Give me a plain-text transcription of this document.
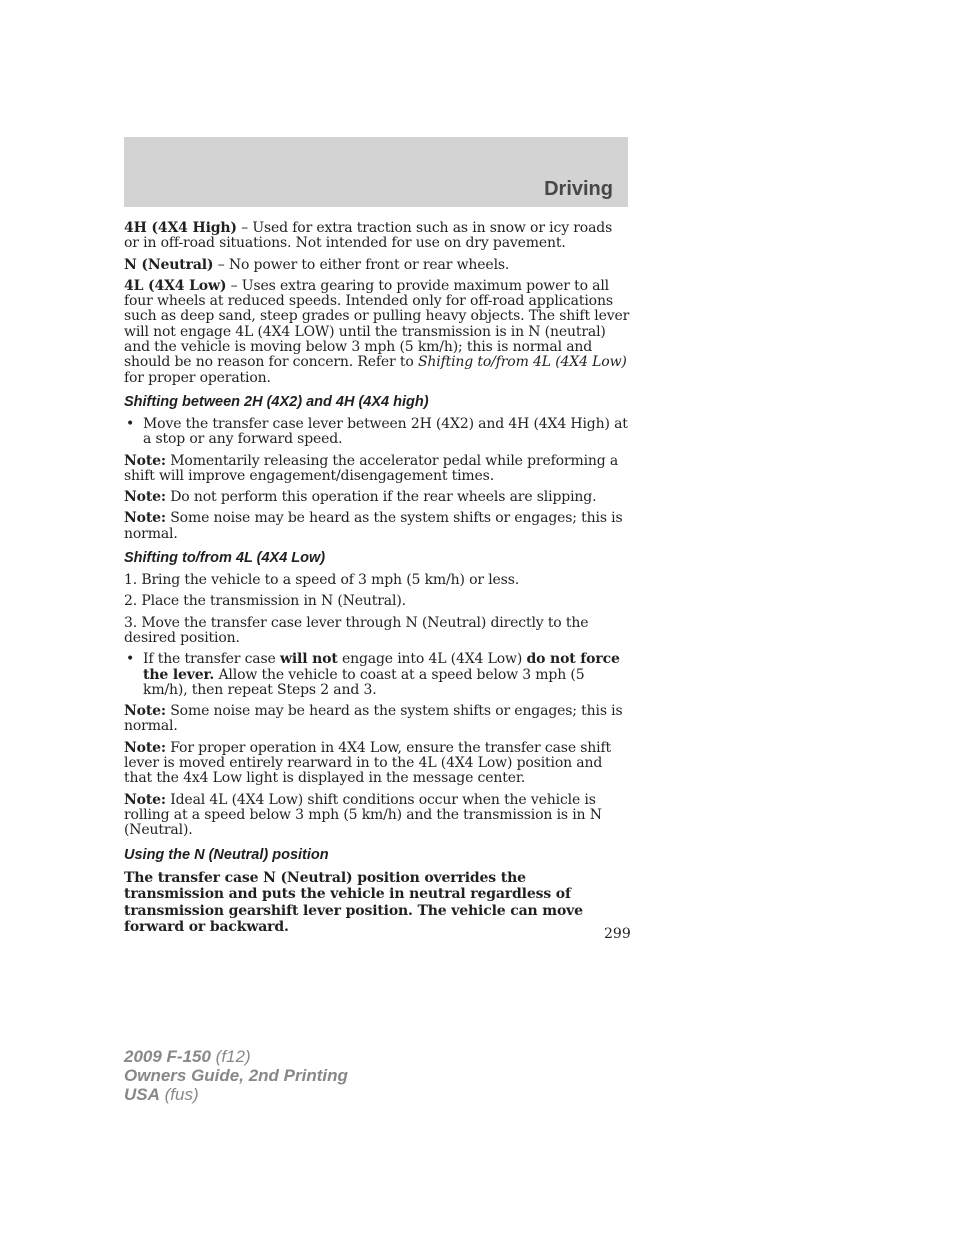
Driving

4H (4X4 High) – Used for extra traction such as in snow or icy roads or in off-road situations. Not intended for use on dry pavement.

N (Neutral) – No power to either front or rear wheels.

4L (4X4 Low) – Uses extra gearing to provide maximum power to all four wheels at reduced speeds. Intended only for off-road applications such as deep sand, steep grades or pulling heavy objects. The shift lever will not engage 4L (4X4 LOW) until the transmission is in N (neutral) and the vehicle is moving below 3 mph (5 km/h); this is normal and should be no reason for concern. Refer to Shifting to/from 4L (4X4 Low) for proper operation.

Shifting between 2H (4X2) and 4H (4X4 high)
• Move the transfer case lever between 2H (4X2) and 4H (4X4 High) at a stop or any forward speed.

Note: Momentarily releasing the accelerator pedal while preforming a shift will improve engagement/disengagement times.

Note: Do not perform this operation if the rear wheels are slipping.

Note: Some noise may be heard as the system shifts or engages; this is normal.

Shifting to/from 4L (4X4 Low)

1. Bring the vehicle to a speed of 3 mph (5 km/h) or less.

2. Place the transmission in N (Neutral).

3. Move the transfer case lever through N (Neutral) directly to the desired position.

• If the transfer case will not engage into 4L (4X4 Low) do not force the lever. Allow the vehicle to coast at a speed below 3 mph (5 km/h), then repeat Steps 2 and 3.

Note: Some noise may be heard as the system shifts or engages; this is normal.

Note: For proper operation in 4X4 Low, ensure the transfer case shift lever is moved entirely rearward in to the 4L (4X4 Low) position and that the 4x4 Low light is displayed in the message center.

Note: Ideal 4L (4X4 Low) shift conditions occur when the vehicle is rolling at a speed below 3 mph (5 km/h) and the transmission is in N (Neutral).

Using the N (Neutral) position

The transfer case N (Neutral) position overrides the transmission and puts the vehicle in neutral regardless of transmission gearshift lever position. The vehicle can move forward or backward.	299
2009 F-150 (f12)
Owners Guide, 2nd Printing
USA (fus)
